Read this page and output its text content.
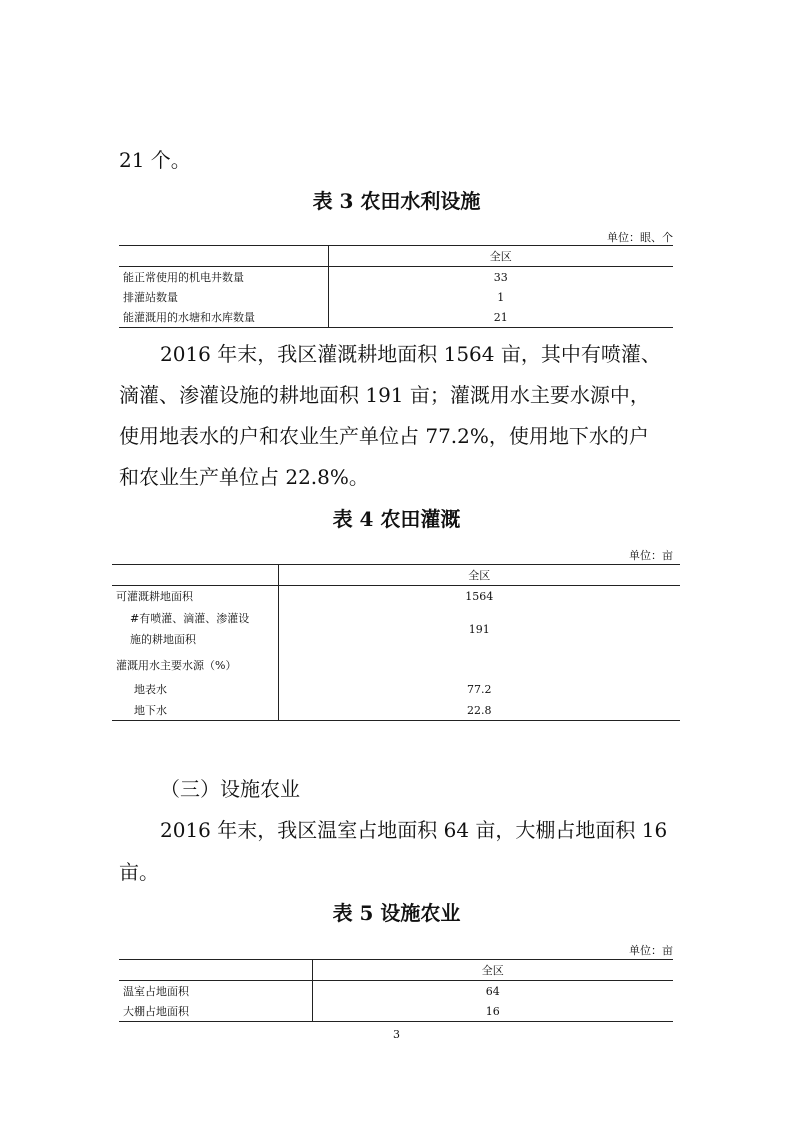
21 个。
表 3 农田水利设施
单位：眼、个
	全区
能正常使用的机电井数量	33
排灌站数量	1
能灌溉用的水塘和水库数量	21
2016 年末，我区灌溉耕地面积 1564 亩，其中有喷灌、
滴灌、渗灌设施的耕地面积 191 亩；灌溉用水主要水源中，
使用地表水的户和农业生产单位占 77.2%，使用地下水的户
和农业生产单位占 22.8%。
表 4 农田灌溉
单位：亩
	全区
可灌溉耕地面积	1564

#有喷灌、滴灌、渗灌设
施的耕地面积	191
灌溉用水主要水源（%）	
地表水	77.2
地下水	22.8
（三）设施农业
2016 年末，我区温室占地面积 64 亩，大棚占地面积 16
亩。
表 5 设施农业
单位：亩
	全区
温室占地面积	64
大棚占地面积	16
3
